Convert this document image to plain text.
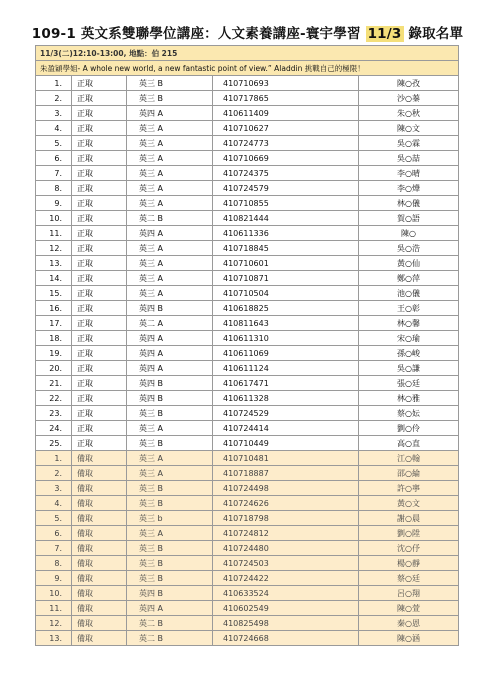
109-1 英文系雙聯學位講座：人文素養講座-寰宇學習 11/3 錄取名單
11/3(二)12:10-13:00, 地點：伯 215				
朱盈穎學姐- A whole new world, a new fantastic point of view.” Aladdin 挑戰自己的極限！				
1.	正取	英三 B	410710693	陳○孜
2.	正取	英三 B	410717865	沙○蓁
3.	正取	英四 A	410611409	朱○秋
4.	正取	英三 A	410710627	陳○文
5.	正取	英三 A	410724773	吳○霖
6.	正取	英三 A	410710669	吳○喆
7.	正取	英三 A	410724375	李○晴
8.	正取	英三 A	410724579	李○燁
9.	正取	英三 A	410710855	林○儀
10.	正取	英二 B	410821444	賀○語
11.	正取	英四 A	410611336	陳○
12.	正取	英三 A	410718845	吳○浩
13.	正取	英三 A	410710601	黃○仙
14.	正取	英三 A	410710871	鄭○萍
15.	正取	英三 A	410710504	池○儀
16.	正取	英四 B	410618825	王○彰
17.	正取	英二 A	410811643	林○馨
18.	正取	英四 A	410611310	宋○瑜
19.	正取	英四 A	410611069	孫○峻
20.	正取	英四 A	410611124	吳○謙
21.	正取	英四 B	410617471	張○廷
22.	正取	英四 B	410611328	林○雅
23.	正取	英三 B	410724529	蔡○妘
24.	正取	英三 A	410724414	劉○伶
25.	正取	英三 B	410710449	高○直
1.	備取	英三 A	410710481	江○翰
2.	備取	英三 A	410718887	邵○綸
3.	備取	英三 B	410724498	許○寧
4.	備取	英三 B	410724626	黃○文
5.	備取	英三 b	410718798	謝○晨
6.	備取	英三 A	410724812	劉○陞
7.	備取	英三 B	410724480	沈○伃
8.	備取	英三 B	410724503	楊○靜
9.	備取	英三 B	410724422	蔡○廷
10.	備取	英四 B	410633524	呂○翔
11.	備取	英四 A	410602549	陳○萱
12.	備取	英二 B	410825498	秦○恩
13.	備取	英二 B	410724668	陳○涵
